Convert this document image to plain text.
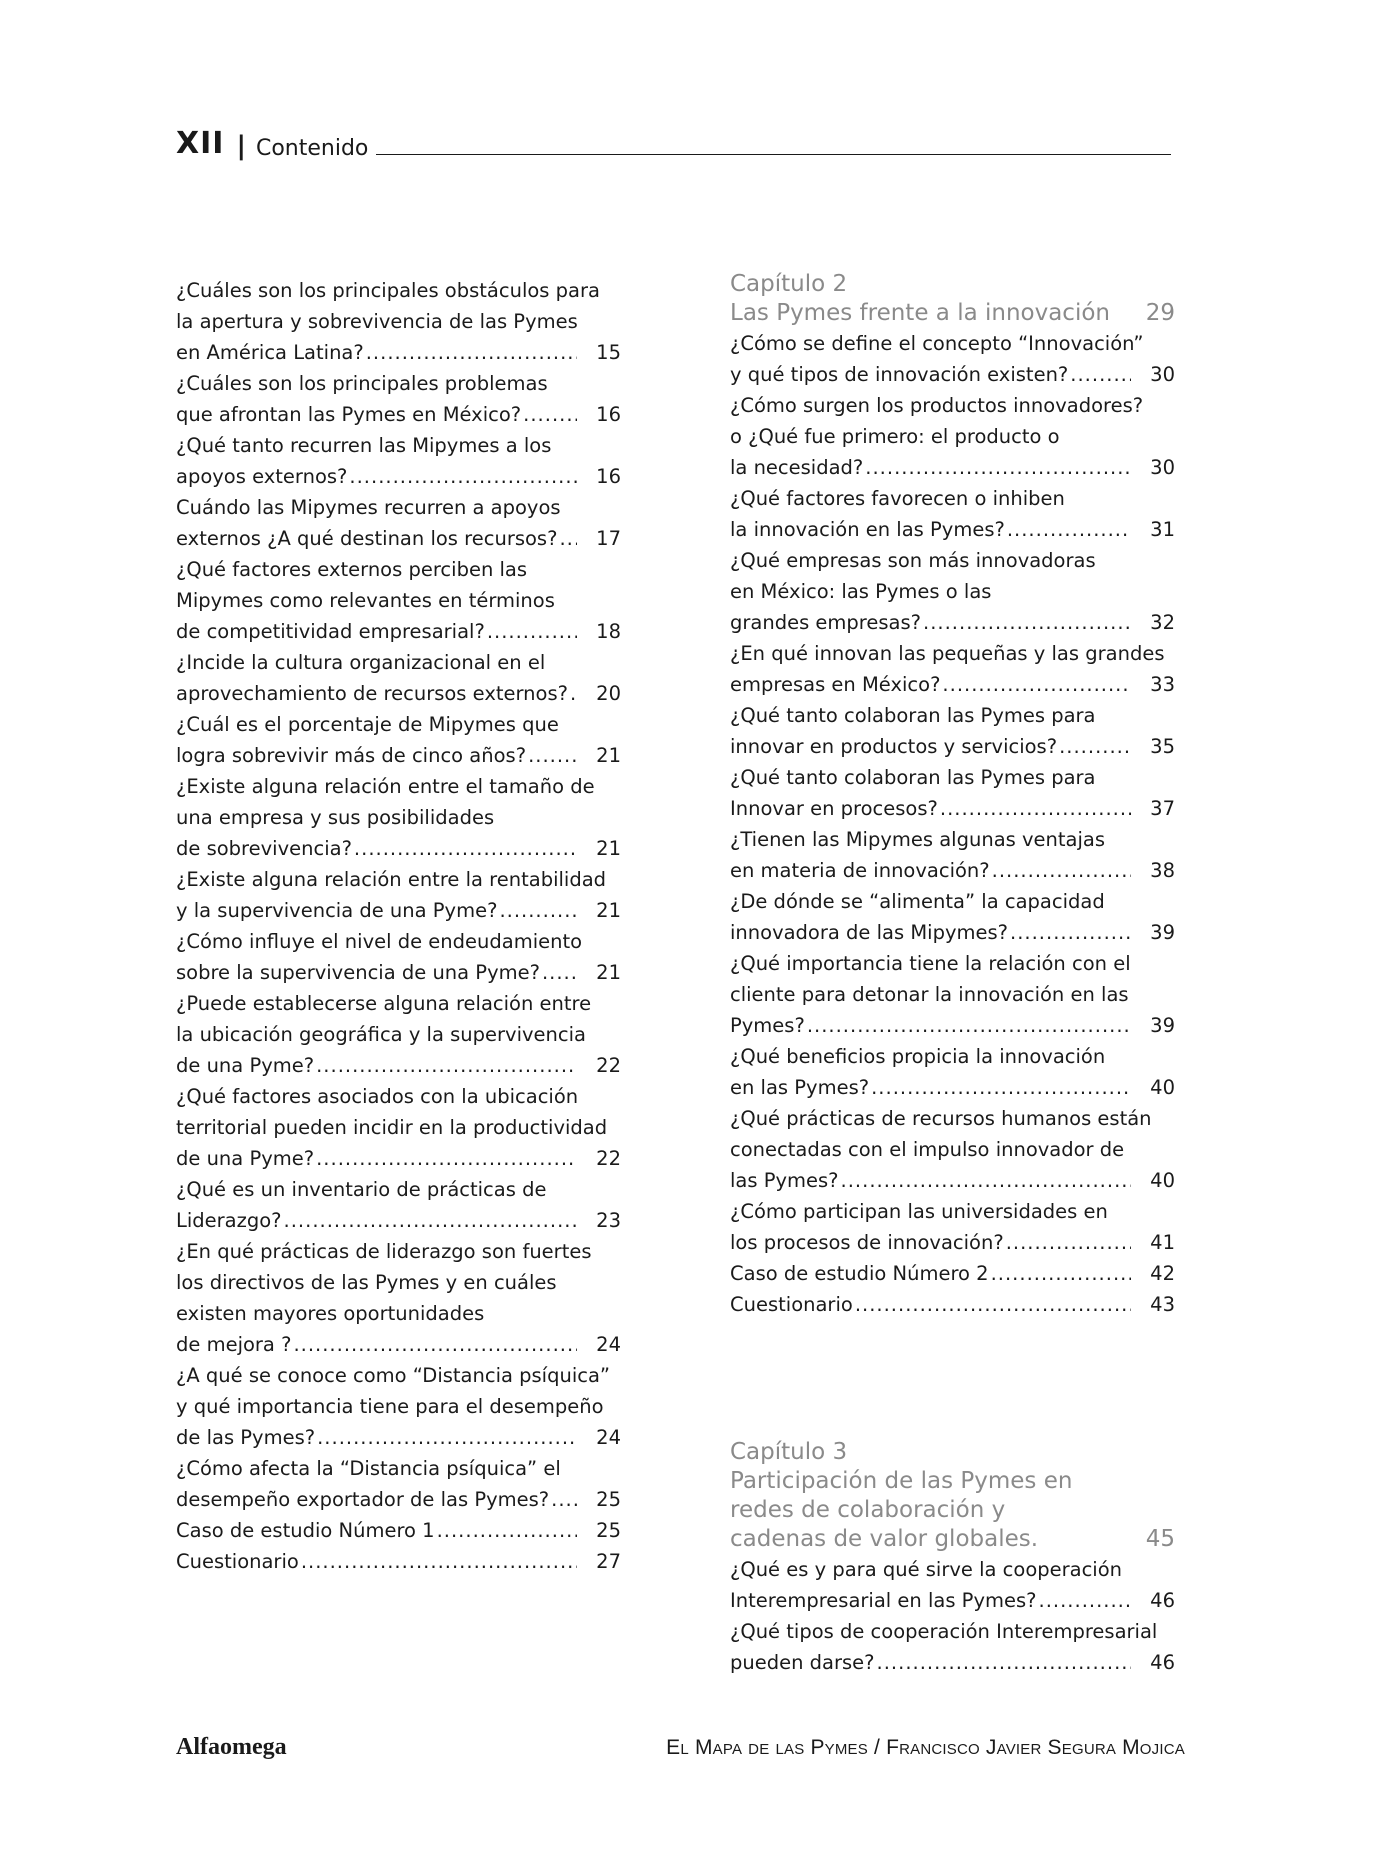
XII | Contenido
¿Cuáles son los principales obstáculos para
la apertura y sobrevivencia de las Pymes
en América Latina? .....	15
¿Cuáles son los principales problemas
que afrontan las Pymes en México? .....	16
¿Qué tanto recurren las Mipymes a los
apoyos externos? .....	16
Cuándo las Mipymes recurren a apoyos
externos ¿A qué destinan los recursos? .....	17
¿Qué factores externos perciben las
Mipymes como relevantes en términos
de competitividad empresarial? .....	18
¿Incide la cultura organizacional en el
aprovechamiento de recursos externos? .....	20
¿Cuál es el porcentaje de Mipymes que
logra sobrevivir más de cinco años? .....	21
¿Existe alguna relación entre el tamaño de
una empresa y sus posibilidades
de sobrevivencia? .....	21
¿Existe alguna relación entre la rentabilidad
y la supervivencia de una Pyme? .....	21
¿Cómo influye el nivel de endeudamiento
sobre la supervivencia de una Pyme? .....	21
¿Puede establecerse alguna relación entre
la ubicación geográfica y la supervivencia
de una Pyme? .....	22
¿Qué factores asociados con la ubicación
territorial pueden incidir en la productividad
de una Pyme? .....	22
¿Qué es un inventario de prácticas de
Liderazgo? .....	23
¿En qué prácticas de liderazgo son fuertes
los directivos de las Pymes y en cuáles
existen mayores oportunidades
de mejora ? .....	24
¿A qué se conoce como “Distancia psíquica”
y qué importancia tiene para el desempeño
de las Pymes? .....	24
¿Cómo afecta la “Distancia psíquica” el
desempeño exportador de las Pymes? .....	25
Caso de estudio Número 1 .....	25
Cuestionario .....	27
Capítulo 2
Las Pymes frente a la innovación	29
¿Cómo se define el concepto “Innovación”
y qué tipos de innovación existen? .....	30
¿Cómo surgen los productos innovadores?
o ¿Qué fue primero: el producto o
la necesidad? .....	30
¿Qué factores favorecen o inhiben
la innovación en las Pymes? .....	31
¿Qué empresas son más innovadoras
en México: las Pymes o las
grandes empresas? .....	32
¿En qué innovan las pequeñas y las grandes
empresas en México? .....	33
¿Qué tanto colaboran las Pymes para
innovar en productos y servicios? .....	35
¿Qué tanto colaboran las Pymes para
Innovar en procesos? .....	37
¿Tienen las Mipymes algunas ventajas
en materia de innovación? .....	38
¿De dónde se “alimenta” la capacidad
innovadora de las Mipymes? .....	39
¿Qué importancia tiene la relación con el
cliente para detonar la innovación en las
Pymes? .....	39
¿Qué beneficios propicia la innovación
en las Pymes? .....	40
¿Qué prácticas de recursos humanos están
conectadas con el impulso innovador de
las Pymes? .....	40
¿Cómo participan las universidades en
los procesos de innovación? .....	41
Caso de estudio Número 2 .....	42
Cuestionario .....	43
Capítulo 3
Participación de las Pymes en
redes de colaboración y
cadenas de valor globales.	45
¿Qué es y para qué sirve la cooperación
Interempresarial en las Pymes? .....	46
¿Qué tipos de cooperación Interempresarial
pueden darse? .....	46
Alfaomega	El Mapa de las Pymes / Francisco Javier Segura Mojica
